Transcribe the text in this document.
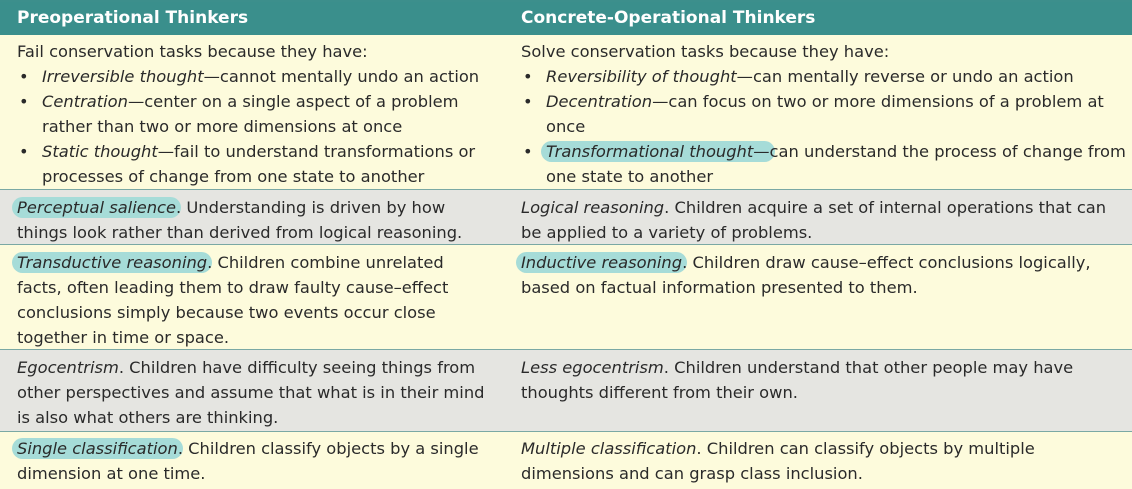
Preoperational Thinkers	Concrete-Operational Thinkers
Fail conservation tasks because they have:
• Irreversible thought—cannot mentally undo an action
• Centration—center on a single aspect of a problem rather than two or more dimensions at once
• Static thought—fail to understand transformations or processes of change from one state to another
Solve conservation tasks because they have:
• Reversibility of thought—can mentally reverse or undo an action
• Decentration—can focus on two or more dimensions of a problem at once
• Transformational thought—can understand the process of change from one state to another
Perceptual salience. Understanding is driven by how things look rather than derived from logical reasoning.
Logical reasoning. Children acquire a set of internal operations that can be applied to a variety of problems.
Transductive reasoning. Children combine unrelated facts, often leading them to draw faulty cause–effect conclusions simply because two events occur close together in time or space.
Inductive reasoning. Children draw cause–effect conclusions logically, based on factual information presented to them.
Egocentrism. Children have difficulty seeing things from other perspectives and assume that what is in their mind is also what others are thinking.
Less egocentrism. Children understand that other people may have thoughts different from their own.
Single classification. Children classify objects by a single dimension at one time.
Multiple classification. Children can classify objects by multiple dimensions and can grasp class inclusion.
